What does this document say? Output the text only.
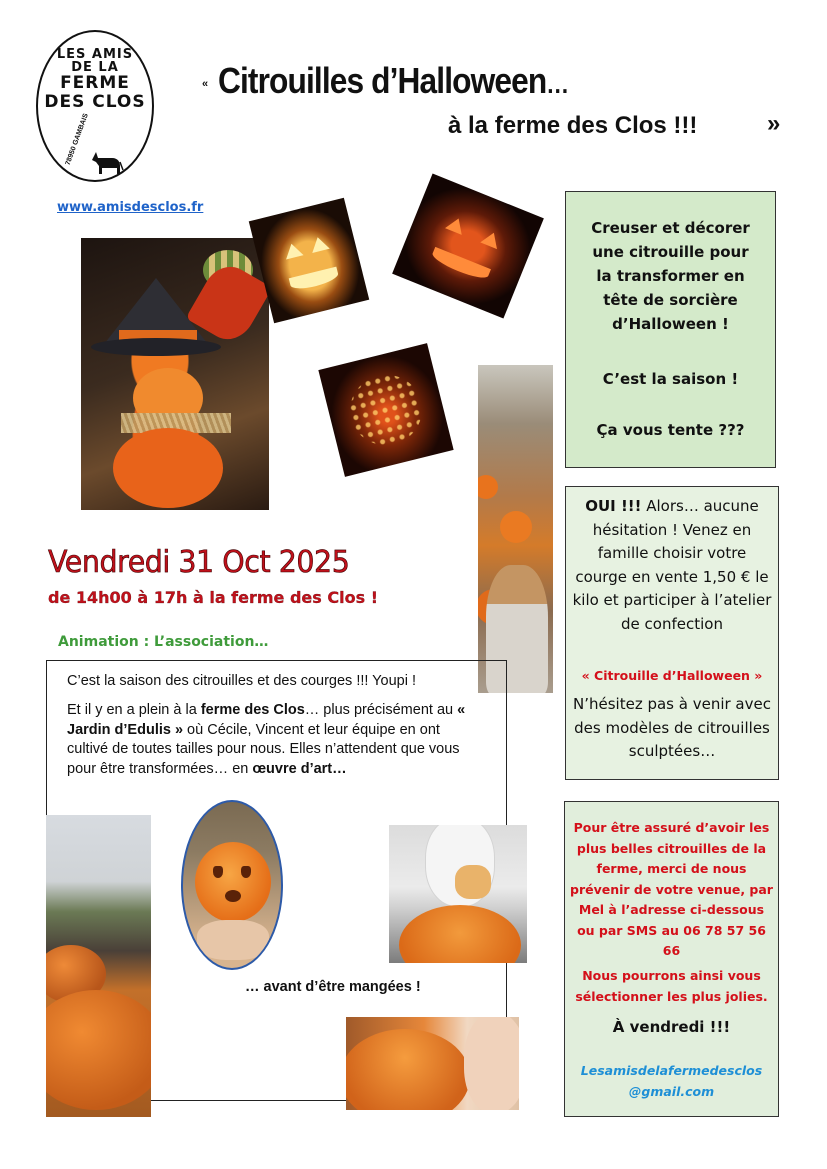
LES AMIS
DE LA
FERME
DES CLOS
78950 GAMBAIS
« Citrouilles d’Halloween…
à la ferme des Clos !!!	»
www.amisdesclos.fr
Vendredi 31 Oct 2025
de 14h00 à 17h à la ferme des Clos !
Animation : L’association…
C’est la saison des citrouilles et des courges !!! Youpi !
Et il y en a plein à la ferme des Clos… plus précisément au « Jardin d’Edulis » où Cécile, Vincent et leur équipe en ont cultivé de toutes tailles pour nous. Elles n’attendent que vous pour être transformées… en œuvre d’art…
… avant d’être mangées !
Creuser et décorer
une citrouille pour
la transformer en
tête de sorcière
d’Halloween !
C’est la saison !
Ça vous tente ???
OUI !!! Alors… aucune hésitation ! Venez en famille choisir votre courge en vente 1,50 € le kilo et participer à l’atelier de confection
« Citrouille d’Halloween »
N’hésitez pas à venir avec des modèles de citrouilles sculptées…
Pour être assuré d’avoir les plus belles citrouilles de la ferme, merci de nous prévenir de votre venue, par Mel à l’adresse ci-dessous ou par SMS au 06 78 57 56 66
Nous pourrons ainsi vous sélectionner les plus jolies.
À vendredi !!!
Lesamisdelafermedesclos
@gmail.com
